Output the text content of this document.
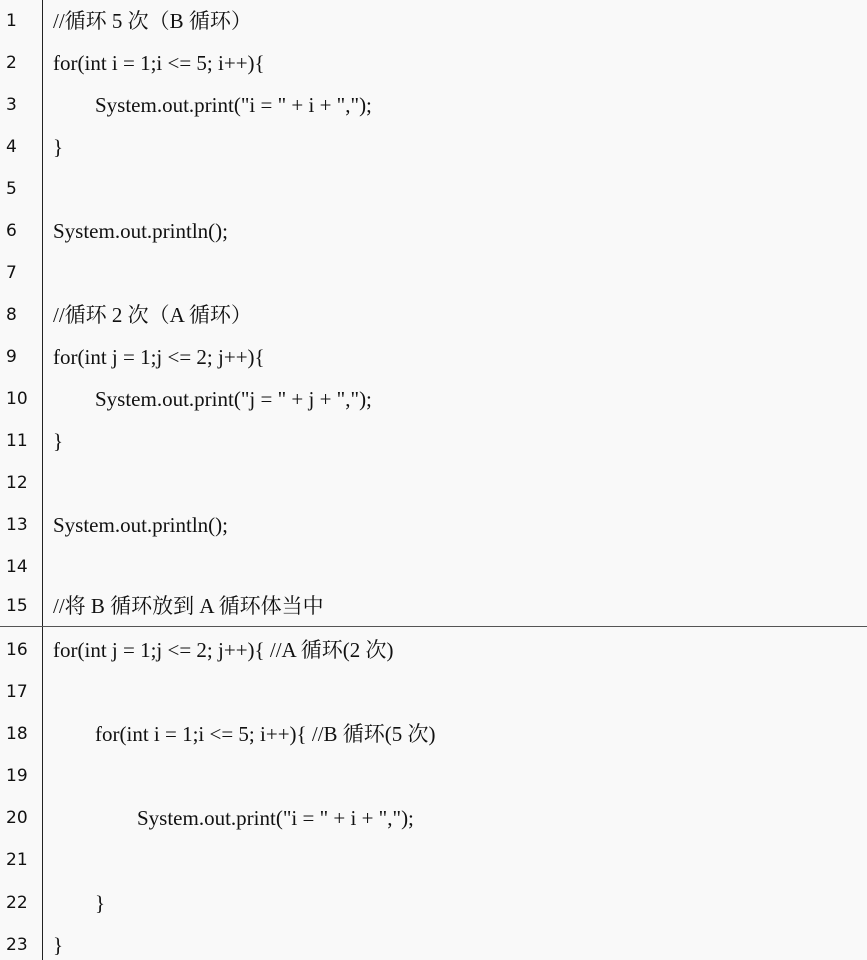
1	//循环 5 次（B 循环）
2	for(int i = 1;i <= 5; i++){
3	System.out.print("i = " + i + ",");
4	}
5
6	System.out.println();
7
8	//循环 2 次（A 循环）
9	for(int j = 1;j <= 2; j++){
10	System.out.print("j = " + j + ",");
11	}
12
13	System.out.println();
14
15	//将 B 循环放到 A 循环体当中
16	for(int j = 1;j <= 2; j++){ //A 循环(2 次)
17
18	for(int i = 1;i <= 5; i++){ //B 循环(5 次)
19
20	System.out.print("i = " + i + ",");
21
22	}
23	}
